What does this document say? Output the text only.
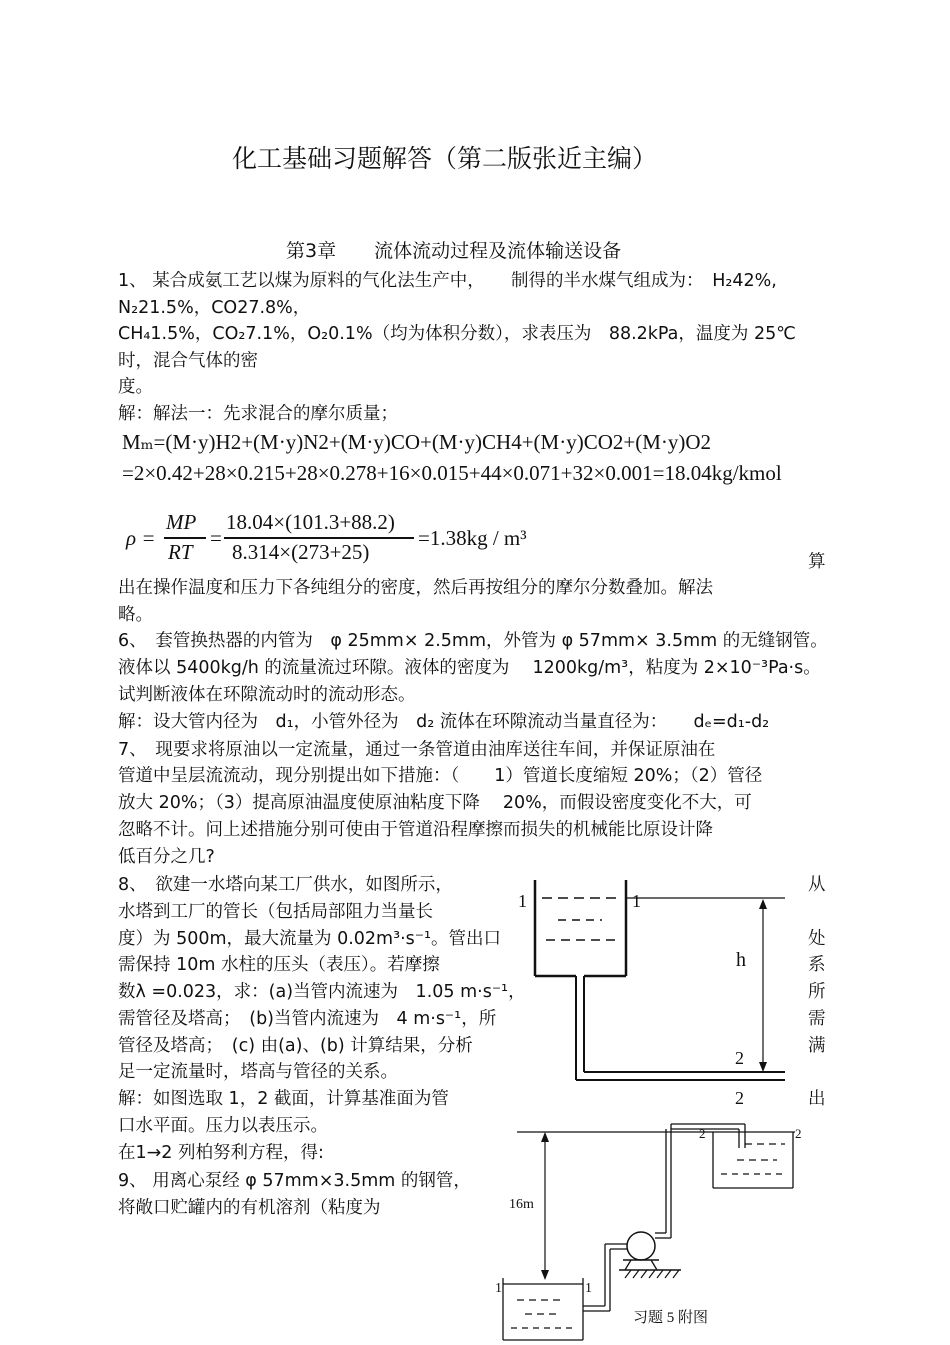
化工基础习题解答（第二版张近主编）
第3章　　流体流动过程及流体输送设备
1、 某合成氨工艺以煤为原料的气化法生产中，　　制得的半水煤气组成为：　H₂42%,
N₂21.5%，CO27.8%，
CH₄1.5%，CO₂7.1%，O₂0.1%（均为体积分数），求表压为　88.2kPa，温度为 25℃
时，混合气体的密
度。
解：解法一：先求混合的摩尔质量；
Mₘ=(M·y)H2+(M·y)N2+(M·y)CO+(M·y)CH4+(M·y)CO2+(M·y)O2
=2×0.42+28×0.215+28×0.278+16×0.015+44×0.071+32×0.001=18.04kg/kmol
ρ =
MP
RT
=
18.04×(101.3+88.2)
8.314×(273+25)
=1.38kg / m³
算
出在操作温度和压力下各纯组分的密度，然后再按组分的摩尔分数叠加。解法
略。
6、　套管换热器的内管为　φ 25mm× 2.5mm，外管为 φ 57mm× 3.5mm 的无缝钢管。
液体以 5400kg/h 的流量流过环隙。液体的密度为　 1200kg/m³，粘度为 2×10⁻³Pa·s。
试判断液体在环隙流动时的流动形态。
解：设大管内径为　d₁，小管外径为　d₂ 流体在环隙流动当量直径为：　　dₑ=d₁-d₂
7、　现要求将原油以一定流量，通过一条管道由油库送往车间，并保证原油在
管道中呈层流流动，现分别提出如下措施：（　　1）管道长度缩短 20%；（2）管径
放大 20%；（3）提高原油温度使原油粘度下降　 20%，而假设密度变化不大，可
忽略不计。问上述措施分别可使由于管道沿程摩擦而损失的机械能比原设计降
低百分之几?
8、　欲建一水塔向某工厂供水，如图所示，
水塔到工厂的管长（包括局部阻力当量长
度）为 500m，最大流量为 0.02m³·s⁻¹。管出口
需保持 10m 水柱的压头（表压）。若摩擦
数λ =0.023，求：(a)当管内流速为　1.05 m·s⁻¹，
需管径及塔高；　(b)当管内流速为　4 m·s⁻¹，所
管径及塔高；　(c) 由(a)、(b) 计算结果，分析
足一定流量时，塔高与管径的关系。
解：如图选取 1，2 截面，计算基准面为管
口水平面。压力以表压示。
在1→2 列柏努利方程，得:
从
处
系
所
需
满
出
9、 用离心泵经 φ 57mm×3.5mm 的钢管，
将敞口贮罐内的有机溶剂（粘度为
1	1
h
2
2
2	2
16m
1	1
习题 5 附图
